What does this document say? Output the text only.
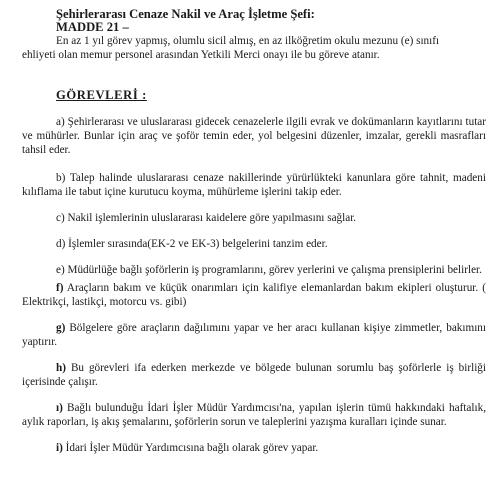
Şehirlerarası Cenaze Nakil ve Araç İşletme Şefi:
MADDE 21 –

En az 1 yıl görev yapmış, olumlu sicil almış, en az ilköğretim okulu mezunu (e) sınıfı
ehliyeti olan memur personel arasından Yetkili Merci onayı ile bu göreve atanır.

GÖREVLERİ :

a) Şehirlerarası ve uluslararası gidecek cenazelerle ilgili evrak ve dokümanların kayıtlarını tutar ve mühürler. Bunlar için araç ve şoför temin eder, yol belgesini düzenler, imzalar, gerekli masrafları tahsil eder.

b) Talep halinde uluslararası cenaze nakillerinde yürürlükteki kanunlara göre tahnit, madeni kılıflama ile tabut içine kurutucu koyma, mühürleme işlerini takip eder.

c) Nakil işlemlerinin uluslararası kaidelere göre yapılmasını sağlar.

d) İşlemler sırasında(EK-2 ve EK-3) belgelerini tanzim eder.

e) Müdürlüğe bağlı şoförlerin iş programlarını, görev yerlerini ve çalışma prensiplerini belirler.

f) Araçların bakım ve küçük onarımları için kalifiye elemanlardan bakım ekipleri oluşturur. ( Elektrikçi, lastikçi, motorcu vs. gibi)

g) Bölgelere göre araçların dağılımını yapar ve her aracı kullanan kişiye zimmetler, bakımını yaptırır.

h) Bu görevleri ifa ederken merkezde ve bölgede bulunan sorumlu baş şoförlerle iş birliği içerisinde çalışır.

ı) Bağlı bulunduğu İdari İşler Müdür Yardımcısı'na, yapılan işlerin tümü hakkındaki haftalık, aylık raporları, iş akış şemalarını, şoförlerin sorun ve taleplerini yazışma kuralları içinde sunar.

i) İdari İşler Müdür Yardımcısına bağlı olarak görev yapar.
